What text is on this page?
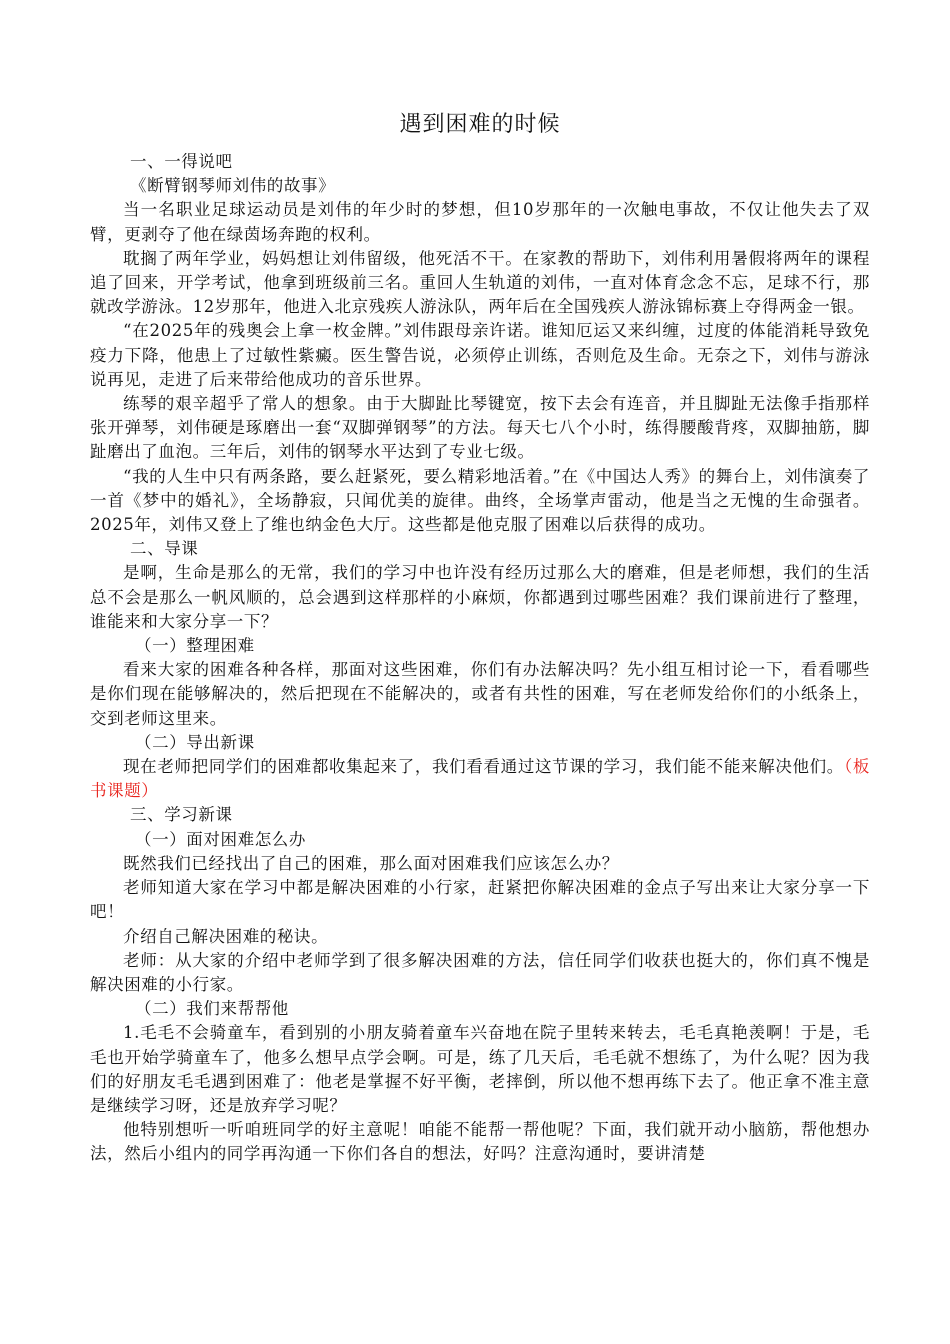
遇到困难的时候

一、一得说吧

《断臂钢琴师刘伟的故事》

当一名职业足球运动员是刘伟的年少时的梦想，但10岁那年的一次触电事故，不仅让他失去了双臂，更剥夺了他在绿茵场奔跑的权利。

耽搁了两年学业，妈妈想让刘伟留级，他死活不干。在家教的帮助下，刘伟利用暑假将两年的课程追了回来，开学考试，他拿到班级前三名。重回人生轨道的刘伟，一直对体育念念不忘，足球不行，那就改学游泳。12岁那年，他进入北京残疾人游泳队，两年后在全国残疾人游泳锦标赛上夺得两金一银。

“在2025年的残奥会上拿一枚金牌。”刘伟跟母亲许诺。谁知厄运又来纠缠，过度的体能消耗导致免疫力下降，他患上了过敏性紫癜。医生警告说，必须停止训练，否则危及生命。无奈之下，刘伟与游泳说再见，走进了后来带给他成功的音乐世界。

练琴的艰辛超乎了常人的想象。由于大脚趾比琴键宽，按下去会有连音，并且脚趾无法像手指那样张开弹琴，刘伟硬是琢磨出一套“双脚弹钢琴”的方法。每天七八个小时，练得腰酸背疼，双脚抽筋，脚趾磨出了血泡。三年后，刘伟的钢琴水平达到了专业七级。

“我的人生中只有两条路，要么赶紧死，要么精彩地活着。”在《中国达人秀》的舞台上，刘伟演奏了一首《梦中的婚礼》，全场静寂，只闻优美的旋律。曲终，全场掌声雷动，他是当之无愧的生命强者。2025年，刘伟又登上了维也纳金色大厅。这些都是他克服了困难以后获得的成功。

二、导课

是啊，生命是那么的无常，我们的学习中也许没有经历过那么大的磨难，但是老师想，我们的生活总不会是那么一帆风顺的，总会遇到这样那样的小麻烦，你都遇到过哪些困难？我们课前进行了整理，谁能来和大家分享一下？

（一）整理困难

看来大家的困难各种各样，那面对这些困难，你们有办法解决吗？先小组互相讨论一下，看看哪些是你们现在能够解决的，然后把现在不能解决的，或者有共性的困难，写在老师发给你们的小纸条上，交到老师这里来。

（二）导出新课

现在老师把同学们的困难都收集起来了，我们看看通过这节课的学习，我们能不能来解决他们。（板书课题）

三、学习新课

（一）面对困难怎么办

既然我们已经找出了自己的困难，那么面对困难我们应该怎么办？

老师知道大家在学习中都是解决困难的小行家，赶紧把你解决困难的金点子写出来让大家分享一下吧！

介绍自己解决困难的秘诀。

老师：从大家的介绍中老师学到了很多解决困难的方法，信任同学们收获也挺大的，你们真不愧是解决困难的小行家。

（二）我们来帮帮他

1.毛毛不会骑童车，看到别的小朋友骑着童车兴奋地在院子里转来转去，毛毛真艳羡啊！于是，毛毛也开始学骑童车了，他多么想早点学会啊。可是，练了几天后，毛毛就不想练了，为什么呢？因为我们的好朋友毛毛遇到困难了：他老是掌握不好平衡，老摔倒，所以他不想再练下去了。他正拿不准主意是继续学习呀，还是放弃学习呢？

他特别想听一听咱班同学的好主意呢！咱能不能帮一帮他呢？下面，我们就开动小脑筋，帮他想办法，然后小组内的同学再沟通一下你们各自的想法，好吗？注意沟通时，要讲清楚
